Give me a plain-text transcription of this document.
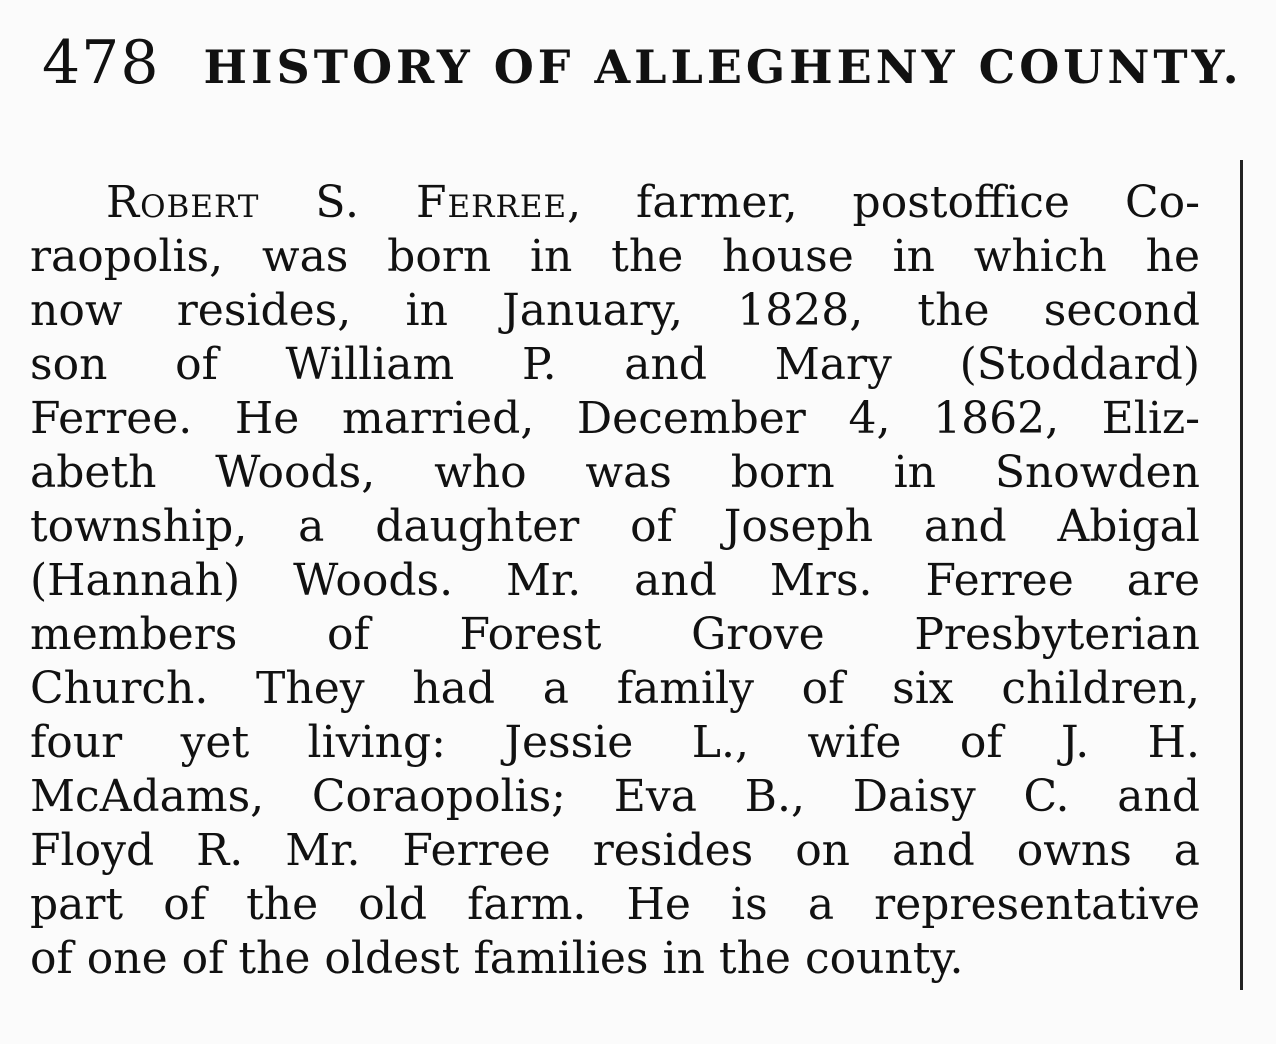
478 HISTORY OF ALLEGHENY COUNTY.
Robert S. Ferree, farmer, postoffice Co-
raopolis, was born in the house in which he
now resides, in January, 1828, the second
son of William P. and Mary (Stoddard)
Ferree. He married, December 4, 1862, Eliz-
abeth Woods, who was born in Snowden
township, a daughter of Joseph and Abigal
(Hannah) Woods. Mr. and Mrs. Ferree are
members of Forest Grove Presbyterian
Church. They had a family of six children,
four yet living: Jessie L., wife of J. H.
McAdams, Coraopolis; Eva B., Daisy C. and
Floyd R. Mr. Ferree resides on and owns a
part of the old farm. He is a representative
of one of the oldest families in the county.
